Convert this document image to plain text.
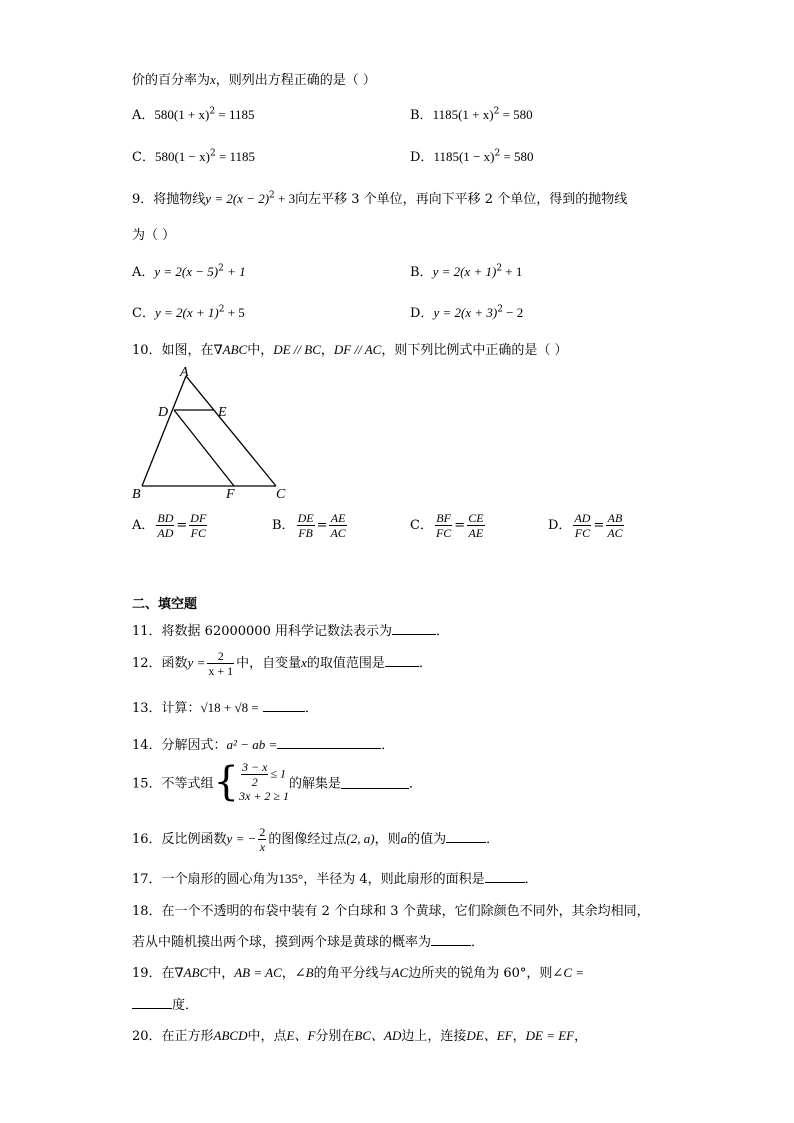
价的百分率为x，则列出方程正确的是（ ）
A．$580(1 + x)^2 = 1185$	B．$1185(1 + x)^2 = 580$
C．$580(1 - x)^2 = 1185$	D．$1185(1 - x)^2 = 580$
9．将抛物线$y = 2(x - 2)^2 + 3$向左平移 3 个单位，再向下平移 2 个单位，得到的抛物线
为（ ）
A．$y = 2(x - 5)^2 + 1$	B．$y = 2(x + 1)^2 + 1$
C．$y = 2(x + 1)^2 + 5$	D．$y = 2(x + 3)^2 - 2$
10．如图，在∇ABC中，DE // BC，DF // AC，则下列比例式中正确的是（ ）
A
B	C
D	E
F
A． $\frac{BD}{AD} = \frac{DF}{FC}$	B． $\frac{DE}{FB} = \frac{AE}{AC}$	C． $\frac{BF}{FC} = \frac{CE}{AE}$	D． $\frac{AD}{FC} = \frac{AB}{AC}$
二、填空题
11．将数据 62000000 用科学记数法表示为	．
12．函数$y = \frac{2}{x + 1}$ 中，自变量x的取值范围是	．
13．计算：√18 + √8 =	．
14．分解因式：a² − ab =	．
15．不等式组{ $\frac{3 - x}{2} \le 1$
3x + 2 ≥ 1
的解集是	．
16．反比例函数y = − $\frac{2}{x}$ 的图像经过点(2, a)，则a的值为	．
17．一个扇形的圆心角为135°，半径为 4，则此扇形的面积是	．
18．在一个不透明的布袋中装有 2 个白球和 3 个黄球，它们除颜色不同外，其余均相同，
若从中随机摸出两个球，摸到两个球是黄球的概率为	．
19．在∇ABC中，AB = AC，∠B的角平分线与AC边所夹的锐角为 60°，则∠C =
度．
20．在正方形ABCD中，点E、F分别在BC、AD边上，连接DE、EF，DE = EF，
